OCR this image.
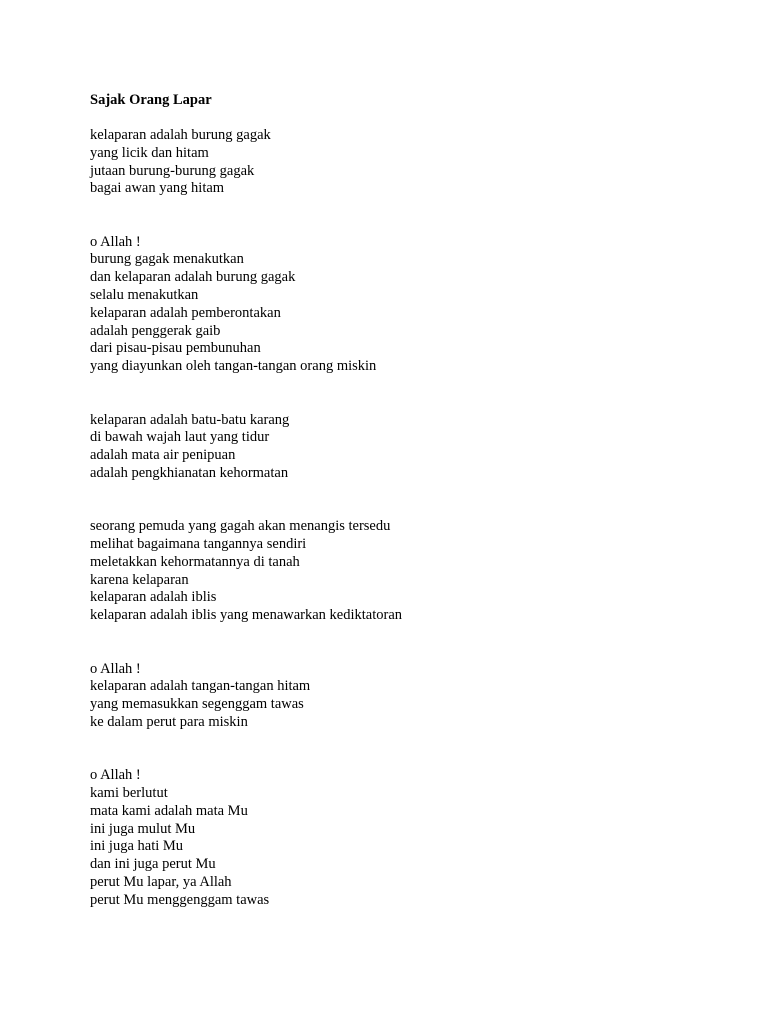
Sajak Orang Lapar
kelaparan adalah burung gagak
yang licik dan hitam
jutaan burung-burung gagak
bagai awan yang hitam
o Allah !
burung gagak menakutkan
dan kelaparan adalah burung gagak
selalu menakutkan
kelaparan adalah pemberontakan
adalah penggerak gaib
dari pisau-pisau pembunuhan
yang diayunkan oleh tangan-tangan orang miskin
kelaparan adalah batu-batu karang
di bawah wajah laut yang tidur
adalah mata air penipuan
adalah pengkhianatan kehormatan
seorang pemuda yang gagah akan menangis tersedu
melihat bagaimana tangannya sendiri
meletakkan kehormatannya di tanah
karena kelaparan
kelaparan adalah iblis
kelaparan adalah iblis yang menawarkan kediktatoran
o Allah !
kelaparan adalah tangan-tangan hitam
yang memasukkan segenggam tawas
ke dalam perut para miskin
o Allah !
kami berlutut
mata kami adalah mata Mu
ini juga mulut Mu
ini juga hati Mu
dan ini juga perut Mu
perut Mu lapar, ya Allah
perut Mu menggenggam tawas
